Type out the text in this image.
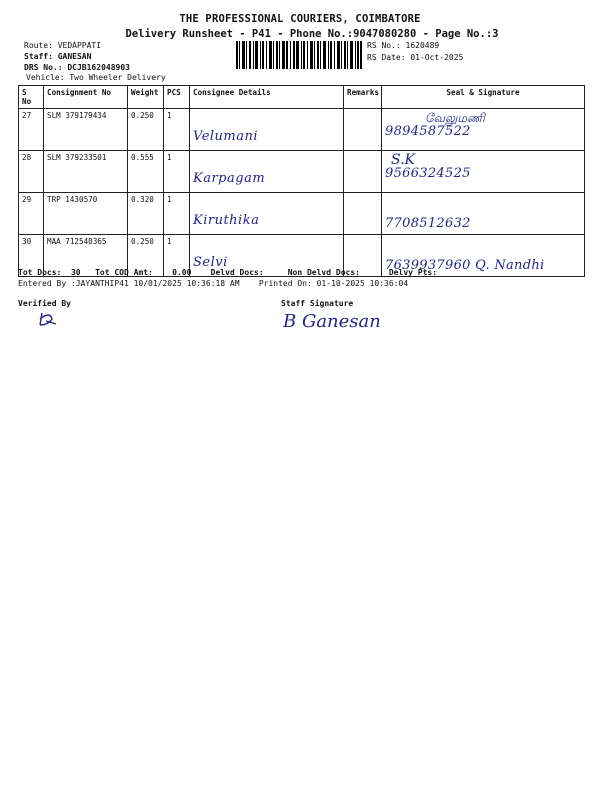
THE PROFESSIONAL COURIERS, COIMBATORE
Delivery Runsheet - P41 - Phone No.:9047080280 - Page No.:3
Route: VEDAPPATI
Staff: GANESAN
DRS No.: DCJB162048903
Vehicle: Two Wheeler Delivery
RS No.: 1620489
RS Date: 01-Oct-2025
S No	Consignment No	Weight	PCS	Consignee Details	Remarks	Seal & Signature
27	SLM 379179434	0.250	1	Velumani		வேலுமணி
9894587522

28	SLM 379233501	0.555	1	Karpagam		S.K
9566324525

29	TRP 1430570	0.320	1	Kiruthika		7708512632

30	MAA 712540365	0.250	1	Selvi		7639937960 Q. Nandhi
Tot Docs:  30   Tot COD Amt:    0.00    Delvd Docs:     Non Delvd Docs:      Delvy Pts:
Entered By :JAYANTHIP41 10/01/2025 10:36:18 AM    Printed On: 01-10-2025 10:36:04
Verified By	Staff Signature
B Ganesan
